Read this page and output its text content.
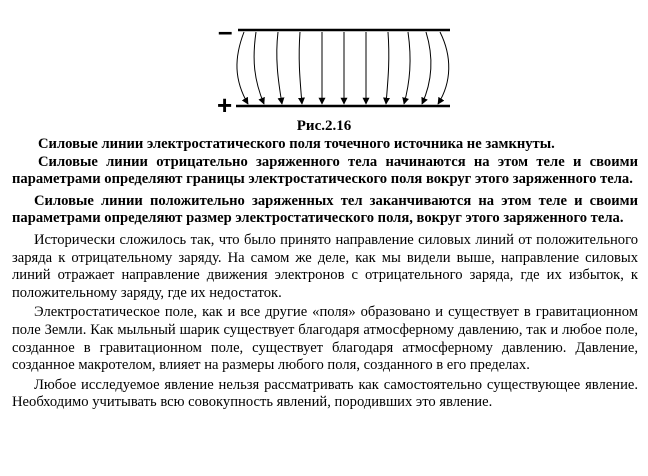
–
+
Рис.2.16

Силовые линии электростатического поля точечного источника не замкнуты.

Силовые линии отрицательно заряженного тела начинаются на этом теле и своими параметрами определяют границы электростатического поля вокруг этого заряженного тела.

Силовые линии положительно заряженных тел заканчиваются на этом теле и своими параметрами определяют размер электростатического поля, вокруг этого заряженного тела.

Исторически сложилось так, что было принято направление силовых линий от положительного заряда к отрицательному заряду. На самом же деле, как мы видели выше, направление силовых линий отражает направление движения электронов с отрицательного заряда, где их избыток, к положительному заряду, где их недостаток.

Электростатическое поле, как и все другие «поля» образовано и существует в гравитационном поле Земли. Как мыльный шарик существует благодаря атмосферному давлению, так и любое поле, созданное в гравитационном поле, существует благодаря атмосферному давлению. Давление, созданное макротелом, влияет на размеры любого поля, созданного в его пределах.

Любое исследуемое явление нельзя рассматривать как самостоятельно существующее явление. Необходимо учитывать всю совокупность явлений, породивших это явление.
